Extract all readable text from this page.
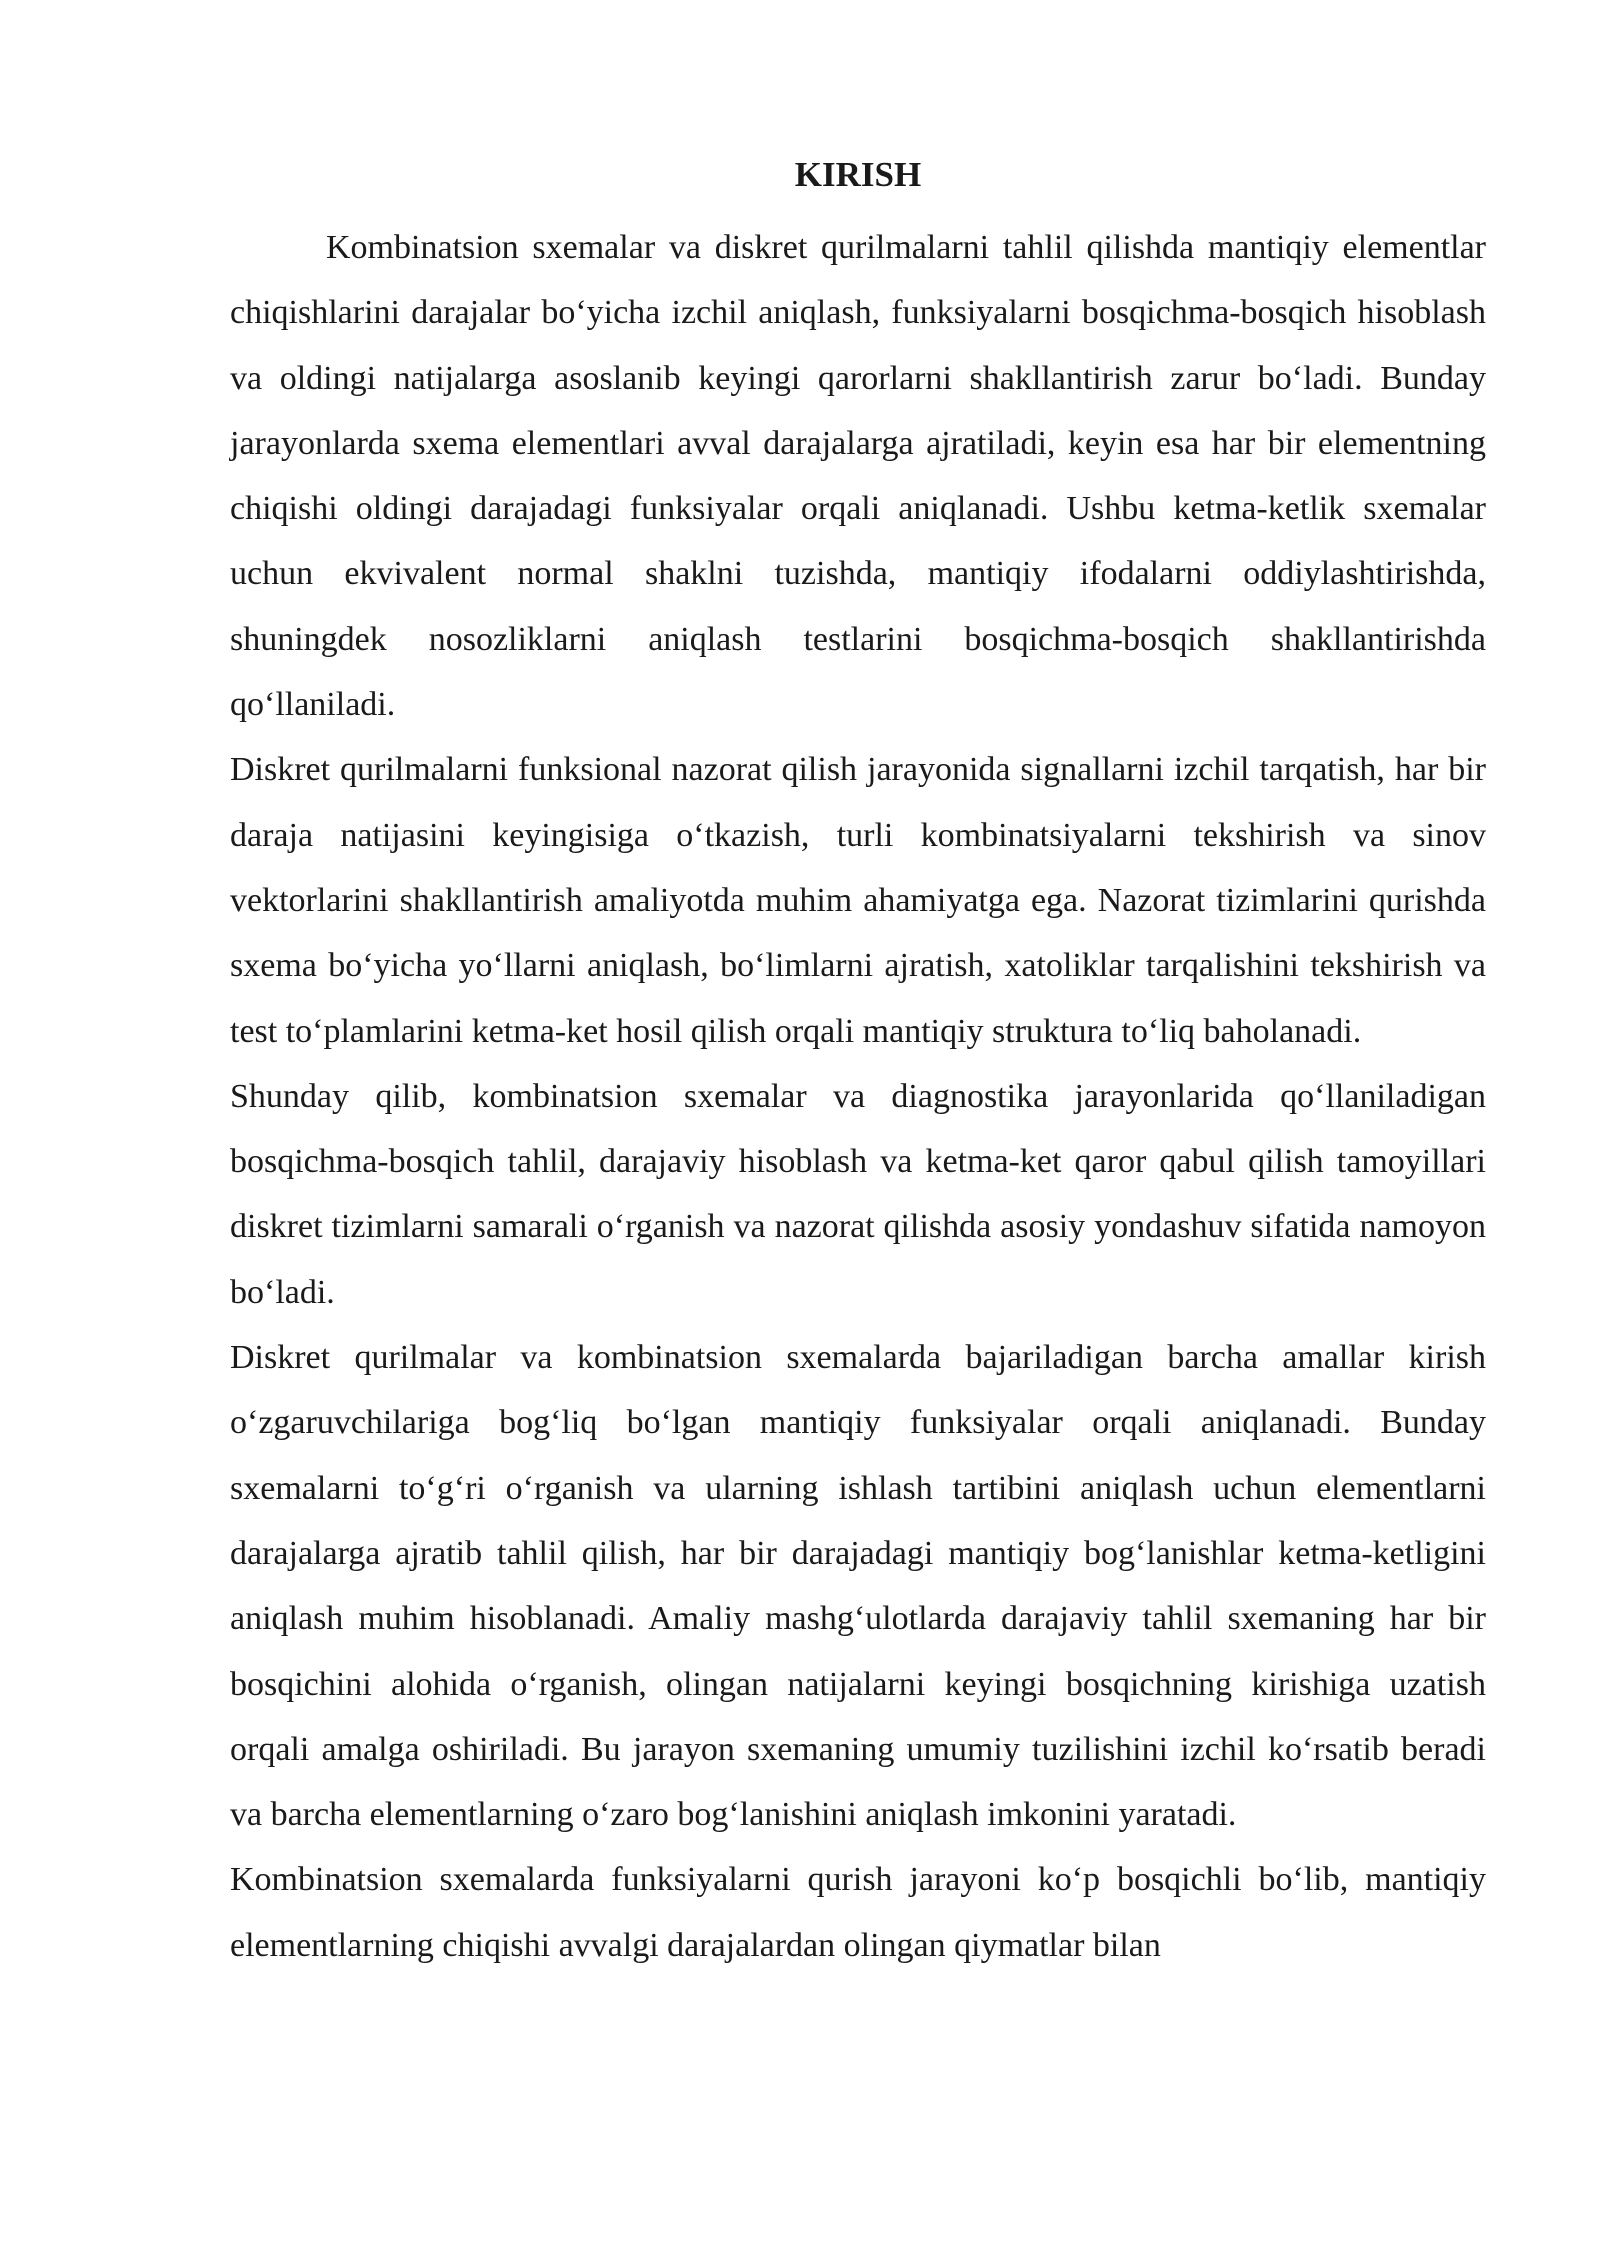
KIRISH

Kombinatsion sxemalar va diskret qurilmalarni tahlil qilishda mantiqiy elementlar chiqishlarini darajalar bo‘yicha izchil aniqlash, funksiyalarni bosqichma-bosqich hisoblash va oldingi natijalarga asoslanib keyingi qarorlarni shakllantirish zarur bo‘ladi. Bunday jarayonlarda sxema elementlari avval darajalarga ajratiladi, keyin esa har bir elementning chiqishi oldingi darajadagi funksiyalar orqali aniqlanadi. Ushbu ketma-ketlik sxemalar uchun ekvivalent normal shaklni tuzishda, mantiqiy ifodalarni oddiylashtirishda, shuningdek nosozliklarni aniqlash testlarini bosqichma-bosqich shakllantirishda qo‘llaniladi.

Diskret qurilmalarni funksional nazorat qilish jarayonida signallarni izchil tarqatish, har bir daraja natijasini keyingisiga o‘tkazish, turli kombinatsiyalarni tekshirish va sinov vektorlarini shakllantirish amaliyotda muhim ahamiyatga ega. Nazorat tizimlarini qurishda sxema bo‘yicha yo‘llarni aniqlash, bo‘limlarni ajratish, xatoliklar tarqalishini tekshirish va test to‘plamlarini ketma-ket hosil qilish orqali mantiqiy struktura to‘liq baholanadi.

Shunday qilib, kombinatsion sxemalar va diagnostika jarayonlarida qo‘llaniladigan bosqichma-bosqich tahlil, darajaviy hisoblash va ketma-ket qaror qabul qilish tamoyillari diskret tizimlarni samarali o‘rganish va nazorat qilishda asosiy yondashuv sifatida namoyon bo‘ladi.

Diskret qurilmalar va kombinatsion sxemalarda bajariladigan barcha amallar kirish o‘zgaruvchilariga bog‘liq bo‘lgan mantiqiy funksiyalar orqali aniqlanadi. Bunday sxemalarni to‘g‘ri o‘rganish va ularning ishlash tartibini aniqlash uchun elementlarni darajalarga ajratib tahlil qilish, har bir darajadagi mantiqiy bog‘lanishlar ketma-ketligini aniqlash muhim hisoblanadi. Amaliy mashg‘ulotlarda darajaviy tahlil sxemaning har bir bosqichini alohida o‘rganish, olingan natijalarni keyingi bosqichning kirishiga uzatish orqali amalga oshiriladi. Bu jarayon sxemaning umumiy tuzilishini izchil ko‘rsatib beradi va barcha elementlarning o‘zaro bog‘lanishini aniqlash imkonini yaratadi.

Kombinatsion sxemalarda funksiyalarni qurish jarayoni ko‘p bosqichli bo‘lib, mantiqiy elementlarning chiqishi avvalgi darajalardan olingan qiymatlar bilan
